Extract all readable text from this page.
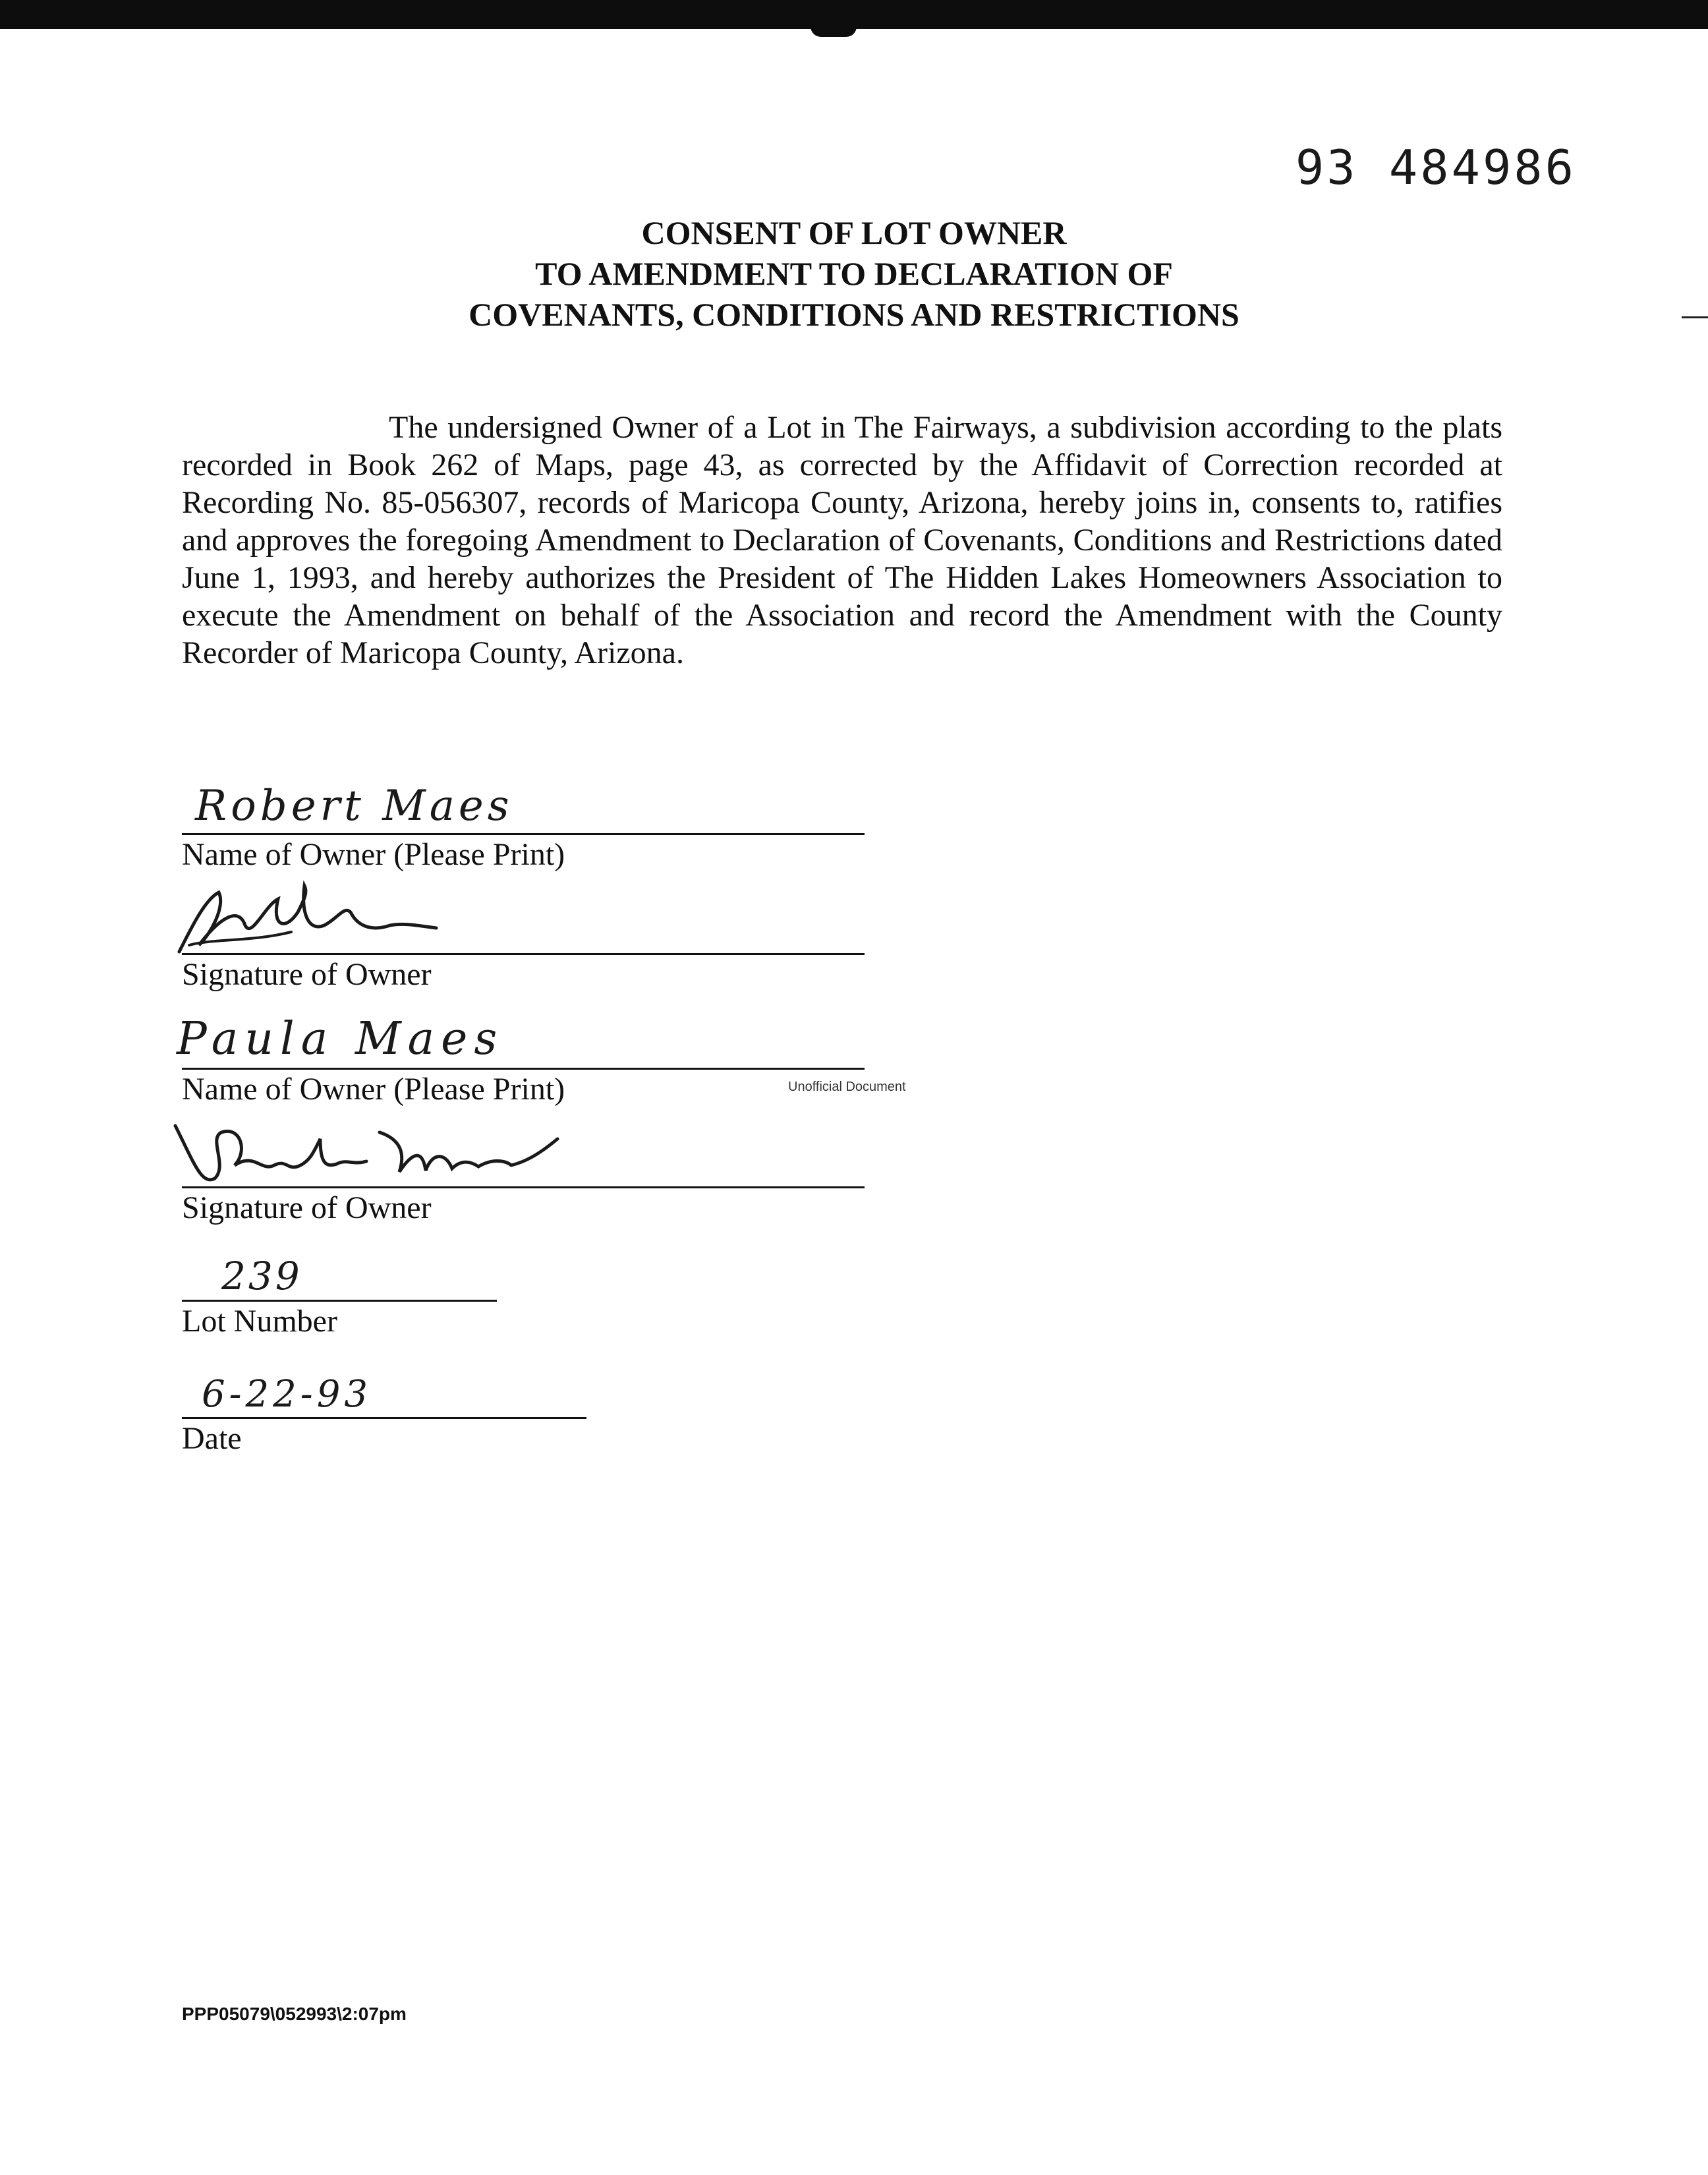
93 484986
CONSENT OF LOT OWNER
TO AMENDMENT TO DECLARATION OF
COVENANTS, CONDITIONS AND RESTRICTIONS
The undersigned Owner of a Lot in The Fairways, a subdivision according to the plats recorded in Book 262 of Maps, page 43, as corrected by the Affidavit of Correction recorded at Recording No. 85-056307, records of Maricopa County, Arizona, hereby joins in, consents to, ratifies and approves the foregoing Amendment to Declaration of Covenants, Conditions and Restrictions dated June 1, 1993, and hereby authorizes the President of The Hidden Lakes Homeowners Association to execute the Amendment on behalf of the Association and record the Amendment with the County Recorder of Maricopa County, Arizona.
Robert Maes
Name of Owner (Please Print)
Signature of Owner
Paula Maes
Name of Owner (Please Print)	Unofficial Document
Signature of Owner
239
Lot Number
6-22-93
Date
PPP05079\052993\2:07pm
